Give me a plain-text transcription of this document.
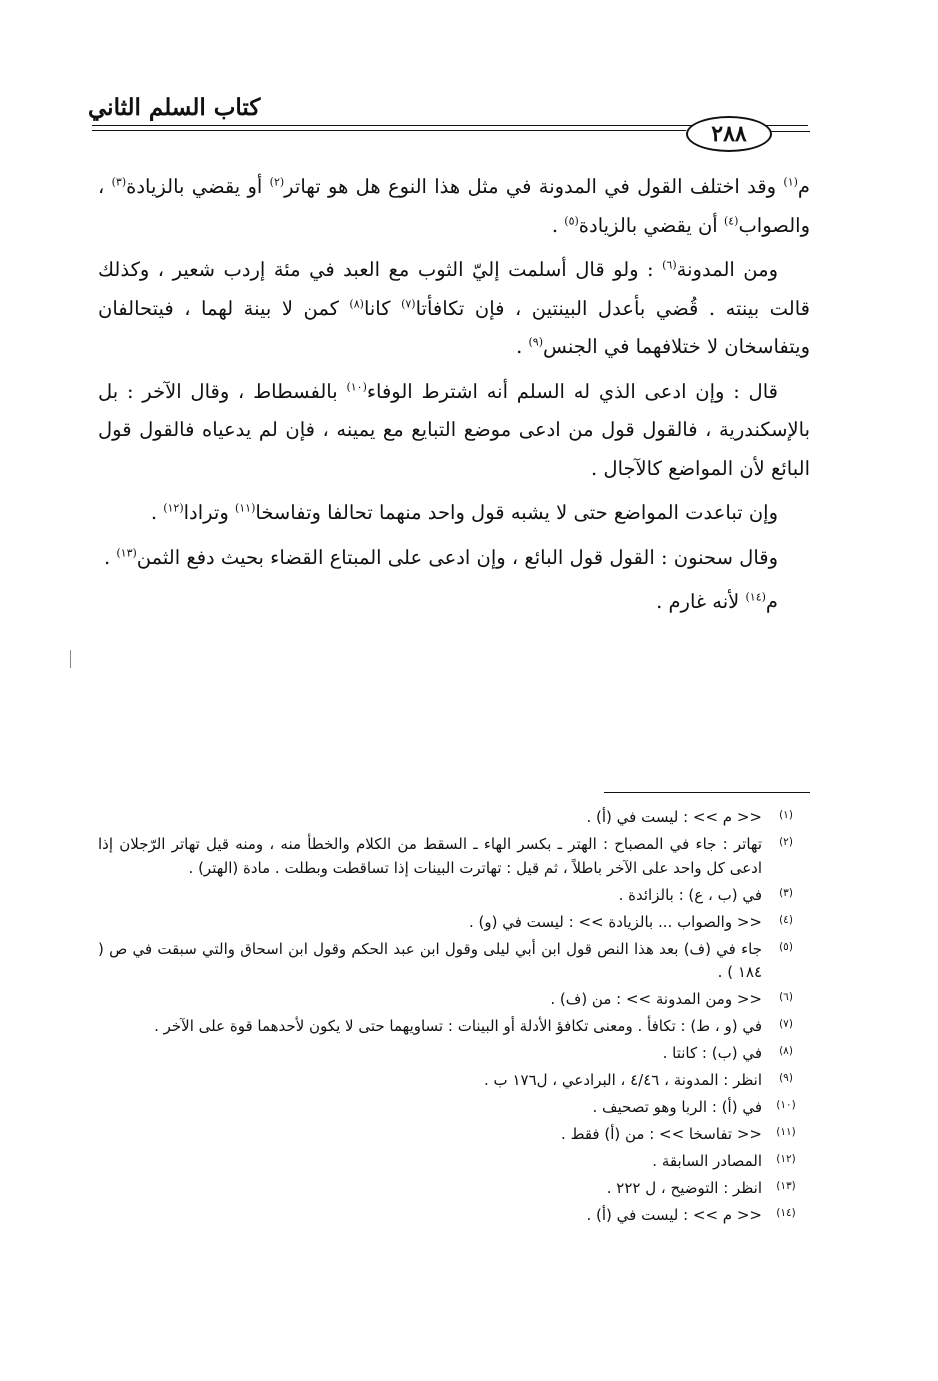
كتاب السلم الثاني
٢٨٨

م$^{(١)}$ وقد اختلف القول في المدونة في مثل هذا النوع هل هو تهاتر$^{(٢)}$ أو يقضي بالزيادة$^{(٣)}$ ، والصواب$^{(٤)}$ أن يقضي بالزيادة$^{(٥)}$ .

ومن المدونة$^{(٦)}$ : ولو قال أسلمت إليّ الثوب مع العبد في مئة إردب شعير ، وكذلك قالت بينته . قُضي بأعدل البينتين ، فإن تكافأتا$^{(٧)}$ كانا$^{(٨)}$ كمن لا بينة لهما ، فيتحالفان ويتفاسخان لا ختلافهما في الجنس$^{(٩)}$ .

قال : وإن ادعى الذي له السلم أنه اشترط الوفاء$^{(١٠)}$ بالفسطاط ، وقال الآخر : بل بالإسكندرية ، فالقول قول من ادعى موضع التبايع مع يمينه ، فإن لم يدعياه فالقول قول البائع لأن المواضع كالآجال .

وإن تباعدت المواضع حتى لا يشبه قول واحد منهما تحالفا وتفاسخا$^{(١١)}$ وترادا$^{(١٢)}$ .

وقال سحنون : القول قول البائع ، وإن ادعى على المبتاع القضاء بحيث دفع الثمن$^{(١٣)}$ .

م$^{(١٤)}$ لأنه غارم .

(١)
<< م >> : ليست في (أ) .
(٢)
تهاتر : جاء في المصباح : الهتر ـ بكسر الهاء ـ السقط من الكلام والخطأ منه ، ومنه قيل تهاتر الرّجلان إذا ادعى كل واحد على الآخر باطلاً ، ثم قيل : تهاترت البينات إذا تساقطت وبطلت . مادة (الهتر) .
(٣)
في (ب ، ع) : بالزائدة .
(٤)
<< والصواب ... بالزيادة >> : ليست في (و) .
(٥)
جاء في (ف) بعد هذا النص قول ابن أبي ليلى وقول ابن عبد الحكم وقول ابن اسحاق والتي سبقت في ص ( ١٨٤ ) .
(٦)
<< ومن المدونة >> : من (ف) .
(٧)
في (و ، ط) : تكافأ . ومعنى تكافؤ الأدلة أو البينات : تساويهما حتى لا يكون لأحدهما قوة على الآخر .
(٨)
في (ب) : كانتا .
(٩)
انظر : المدونة ، ٤/٤٦ ، البرادعي ، ل١٧٦ ب .
(١٠)
في (أ) : الربا وهو تصحيف .
(١١)
<< تفاسخا >> : من (أ) فقط .
(١٢)
المصادر السابقة .
(١٣)
انظر : التوضيح ، ل ٢٢٢ .
(١٤)
<< م >> : ليست في (أ) .
